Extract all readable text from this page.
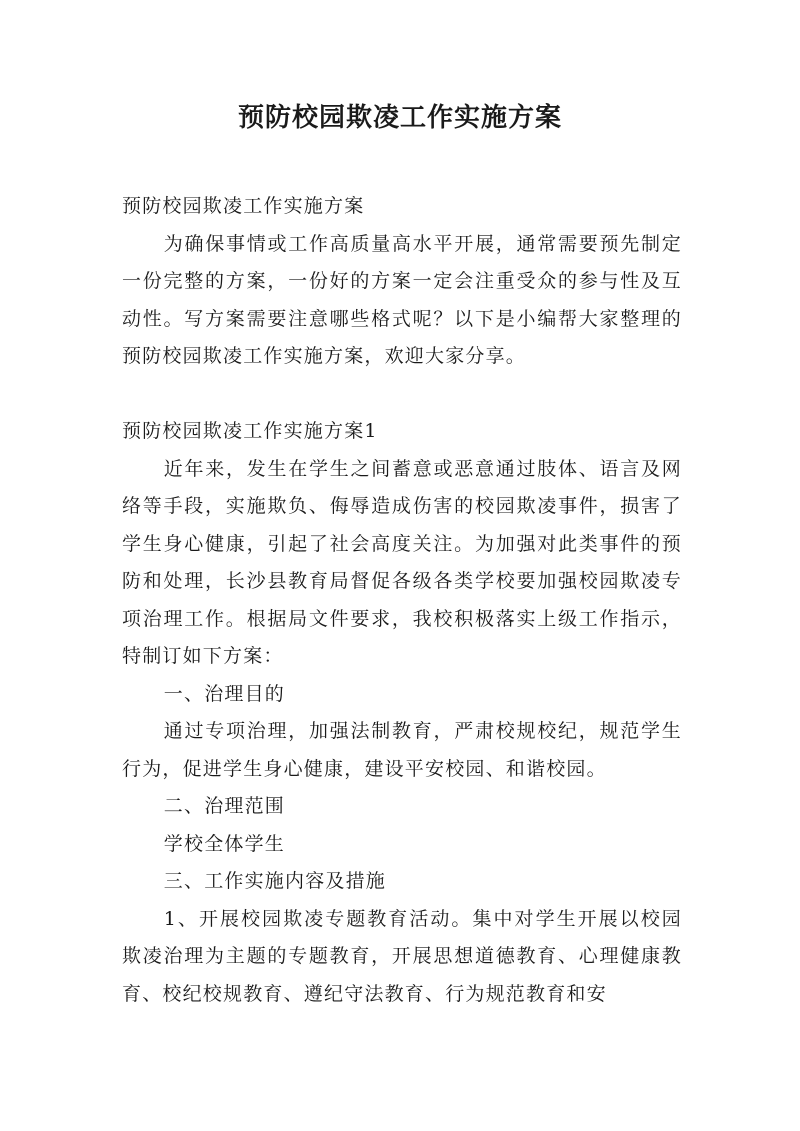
预防校园欺凌工作实施方案

预防校园欺凌工作实施方案

为确保事情或工作高质量高水平开展，通常需要预先制定一份完整的方案，一份好的方案一定会注重受众的参与性及互动性。写方案需要注意哪些格式呢？以下是小编帮大家整理的预防校园欺凌工作实施方案，欢迎大家分享。

预防校园欺凌工作实施方案1

近年来，发生在学生之间蓄意或恶意通过肢体、语言及网络等手段，实施欺负、侮辱造成伤害的校园欺凌事件，损害了学生身心健康，引起了社会高度关注。为加强对此类事件的预防和处理，长沙县教育局督促各级各类学校要加强校园欺凌专项治理工作。根据局文件要求，我校积极落实上级工作指示，特制订如下方案：

一、治理目的

通过专项治理，加强法制教育，严肃校规校纪，规范学生行为，促进学生身心健康，建设平安校园、和谐校园。

二、治理范围

学校全体学生

三、工作实施内容及措施

1、开展校园欺凌专题教育活动。集中对学生开展以校园欺凌治理为主题的专题教育，开展思想道德教育、心理健康教育、校纪校规教育、遵纪守法教育、行为规范教育和安
